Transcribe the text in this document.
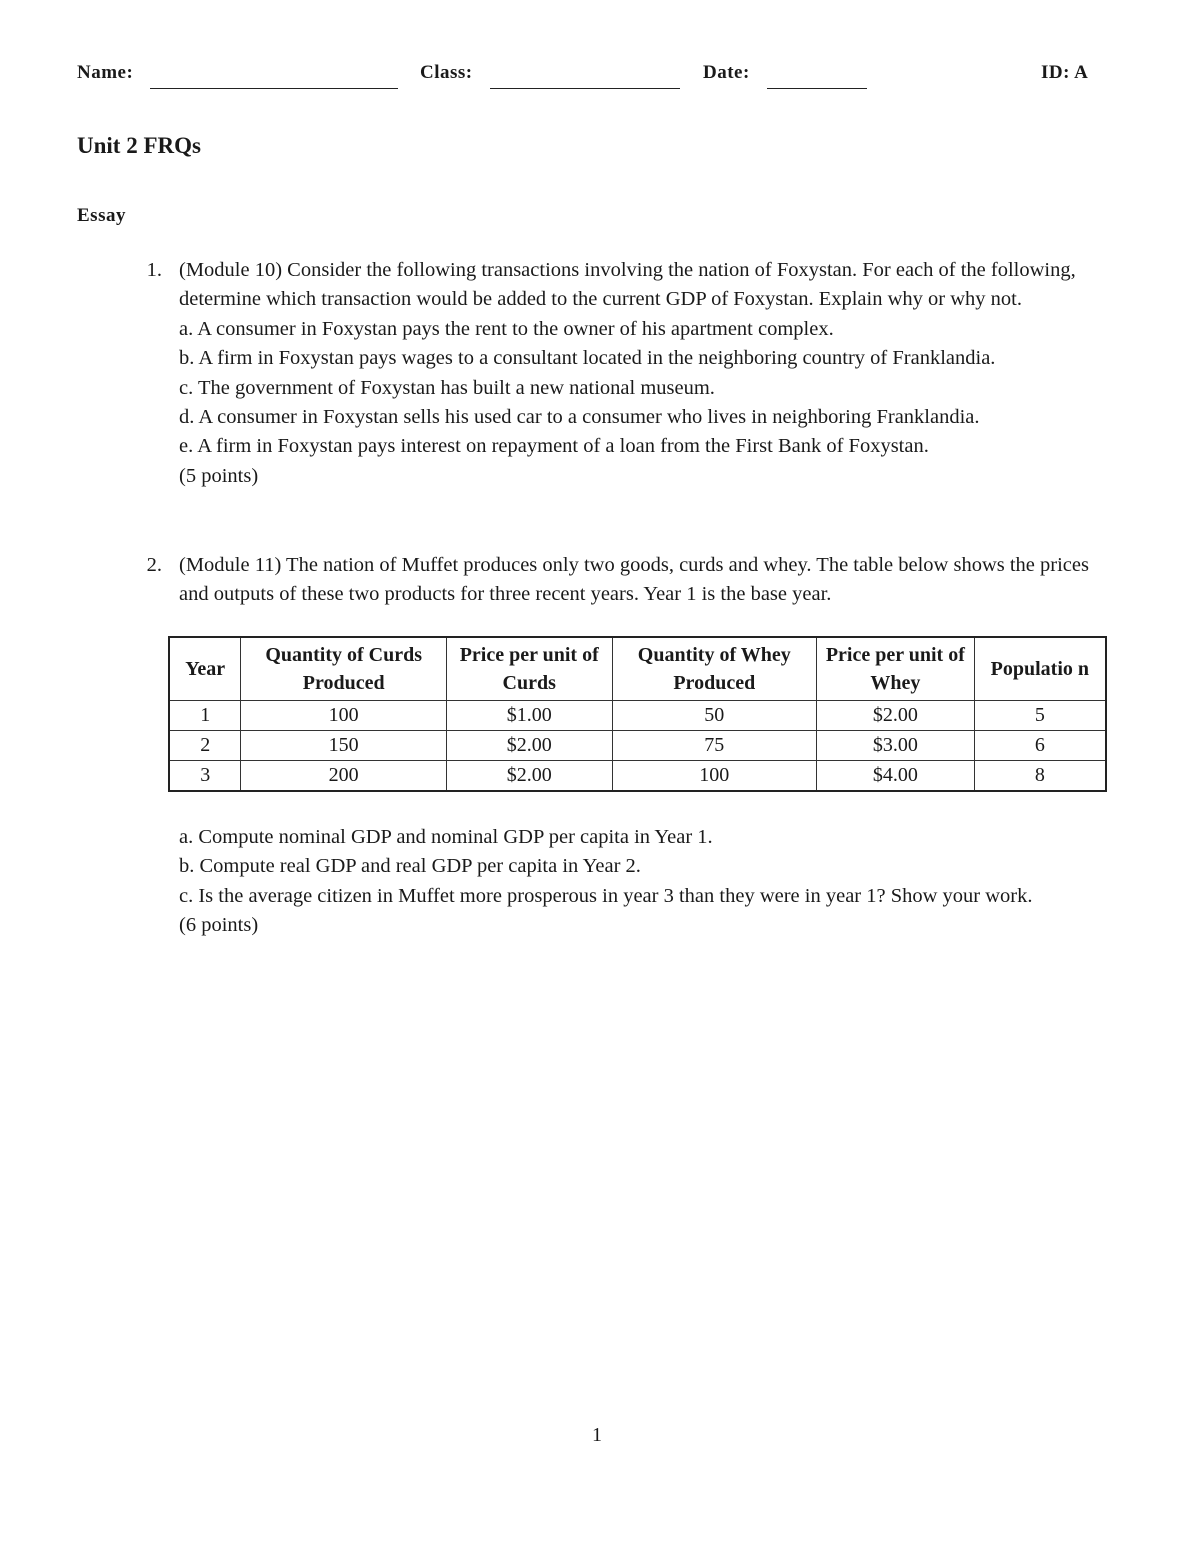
Name:	Class:	Date:	ID: A
Unit 2 FRQs
Essay
1. (Module 10) Consider the following transactions involving the nation of Foxystan. For each of the following, determine which transaction would be added to the current GDP of Foxystan. Explain why or why not.

a. A consumer in Foxystan pays the rent to the owner of his apartment complex.

b. A firm in Foxystan pays wages to a consultant located in the neighboring country of Franklandia.

c. The government of Foxystan has built a new national museum.

d. A consumer in Foxystan sells his used car to a consumer who lives in neighboring Franklandia.

e. A firm in Foxystan pays interest on repayment of a loan from the First Bank of Foxystan.

(5 points)

2. (Module 11) The nation of Muffet produces only two goods, curds and whey. The table below shows the prices and outputs of these two products for three recent years. Year 1 is the base year.

Year	Quantity of Curds Produced	Price per unit of Curds	Quantity of Whey Produced	Price per unit of Whey	Populatio n
1	100	$1.00	50	$2.00	5
2	150	$2.00	75	$3.00	6
3	200	$2.00	100	$4.00	8

a. Compute nominal GDP and nominal GDP per capita in Year 1.

b. Compute real GDP and real GDP per capita in Year 2.

c. Is the average citizen in Muffet more prosperous in year 3 than they were in year 1? Show your work.

(6 points)

1
